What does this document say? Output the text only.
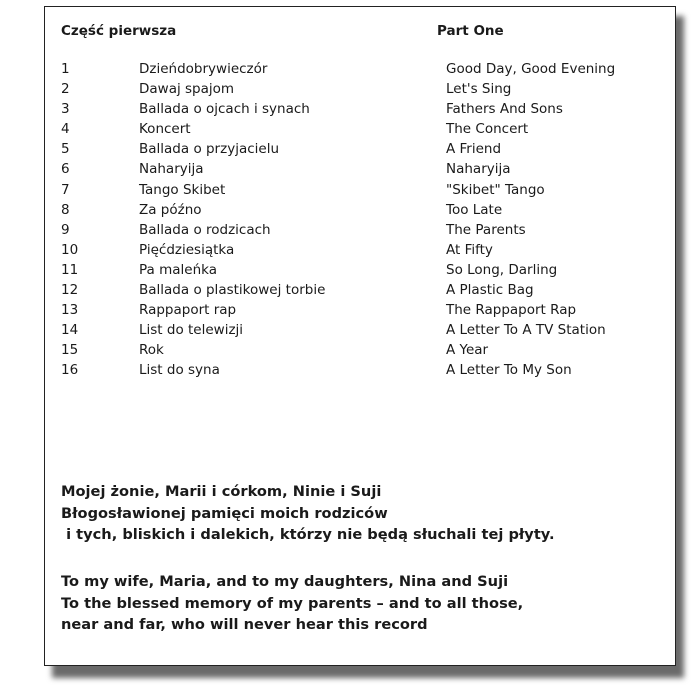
Część pierwsza	Part One
1	Dzieńdobrywieczór	Good Day, Good Evening
2	Dawaj spajom	Let's Sing
3	Ballada o ojcach i synach	Fathers And Sons
4	Koncert	The Concert
5	Ballada o przyjacielu	A Friend
6	Naharyija	Naharyija
7	Tango Skibet	"Skibet" Tango
8	Za późno	Too Late
9	Ballada o rodzicach	The Parents
10	Pięćdziesiątka	At Fifty
11	Pa maleńka	So Long, Darling
12	Ballada o plastikowej torbie	A Plastic Bag
13	Rappaport rap	The Rappaport Rap
14	List do telewizji	A Letter To A TV Station
15	Rok	A Year
16	List do syna	A Letter To My Son

Mojej żonie, Marii i córkom, Ninie i Suji
Błogosławionej pamięci moich rodziców
i tych, bliskich i dalekich, którzy nie będą słuchali tej płyty.

To my wife, Maria, and to my daughters, Nina and Suji
To the blessed memory of my parents – and to all those,
near and far, who will never hear this record
